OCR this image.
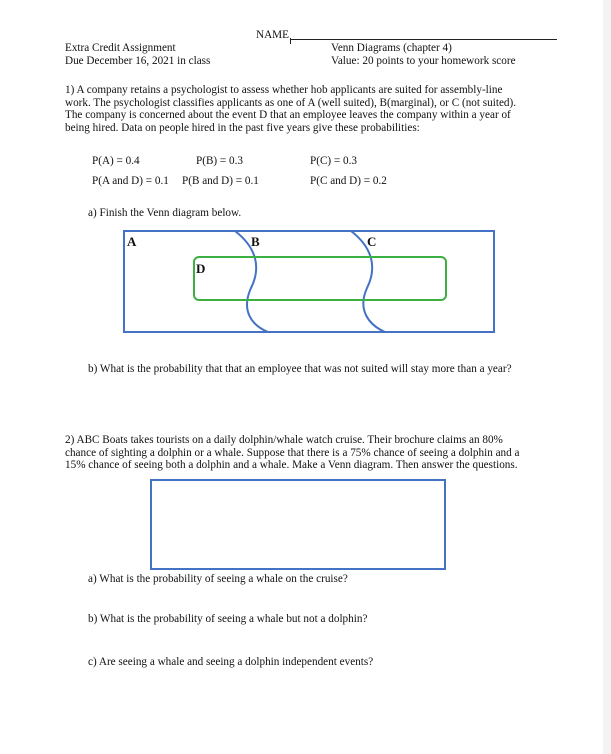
NAME
Extra Credit Assignment
Due December 16, 2021 in class
Venn Diagrams (chapter 4)
Value: 20 points to your homework score
1) A company retains a psychologist to assess whether hob applicants are suited for assembly-line
work. The psychologist classifies applicants as one of A (well suited), B(marginal), or C (not suited).
The company is concerned about the event D that an employee leaves the company within a year of
being hired. Data on people hired in the past five years give these probabilities:
P(A) = 0.4	P(B) = 0.3	P(C) = 0.3
P(A and D) = 0.1 P(B and D) = 0.1	P(C and D) = 0.2
a) Finish the Venn diagram below.
A	B	C
D
b) What is the probability that that an employee that was not suited will stay more than a year?
2) ABC Boats takes tourists on a daily dolphin/whale watch cruise. Their brochure claims an 80%
chance of sighting a dolphin or a whale. Suppose that there is a 75% chance of seeing a dolphin and a
15% chance of seeing both a dolphin and a whale. Make a Venn diagram. Then answer the questions.
a) What is the probability of seeing a whale on the cruise?
b) What is the probability of seeing a whale but not a dolphin?
c) Are seeing a whale and seeing a dolphin independent events?
